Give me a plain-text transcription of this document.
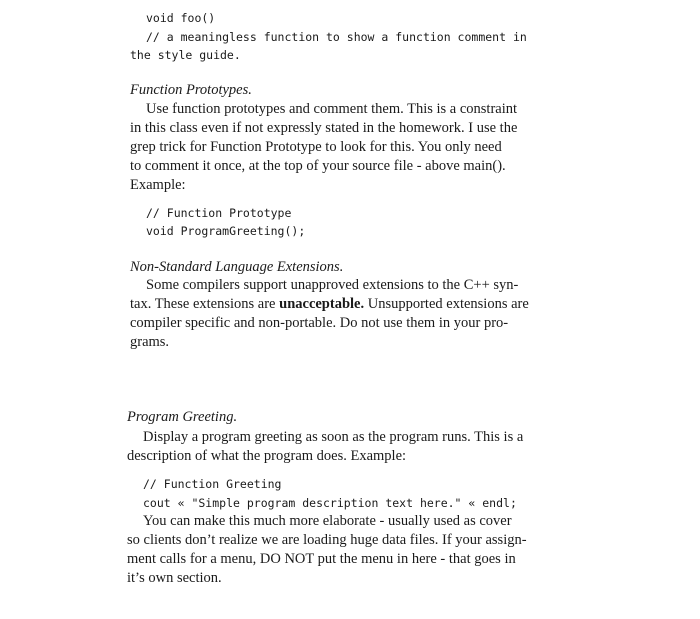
void foo()
// a meaningless function to show a function comment in
the style guide.
Function Prototypes.
Use function prototypes and comment them. This is a constraint
in this class even if not expressly stated in the homework. I use the
grep trick for Function Prototype to look for this. You only need
to comment it once, at the top of your source file - above main().
Example:
// Function Prototype
void ProgramGreeting();
Non-Standard Language Extensions.
Some compilers support unapproved extensions to the C++ syn-
tax. These extensions are unacceptable. Unsupported extensions are
compiler specific and non-portable. Do not use them in your pro-
grams.
Program Greeting.
Display a program greeting as soon as the program runs. This is a
description of what the program does. Example:
// Function Greeting
cout « "Simple program description text here." « endl;
You can make this much more elaborate - usually used as cover
so clients don’t realize we are loading huge data files. If your assign-
ment calls for a menu, DO NOT put the menu in here - that goes in
it’s own section.
